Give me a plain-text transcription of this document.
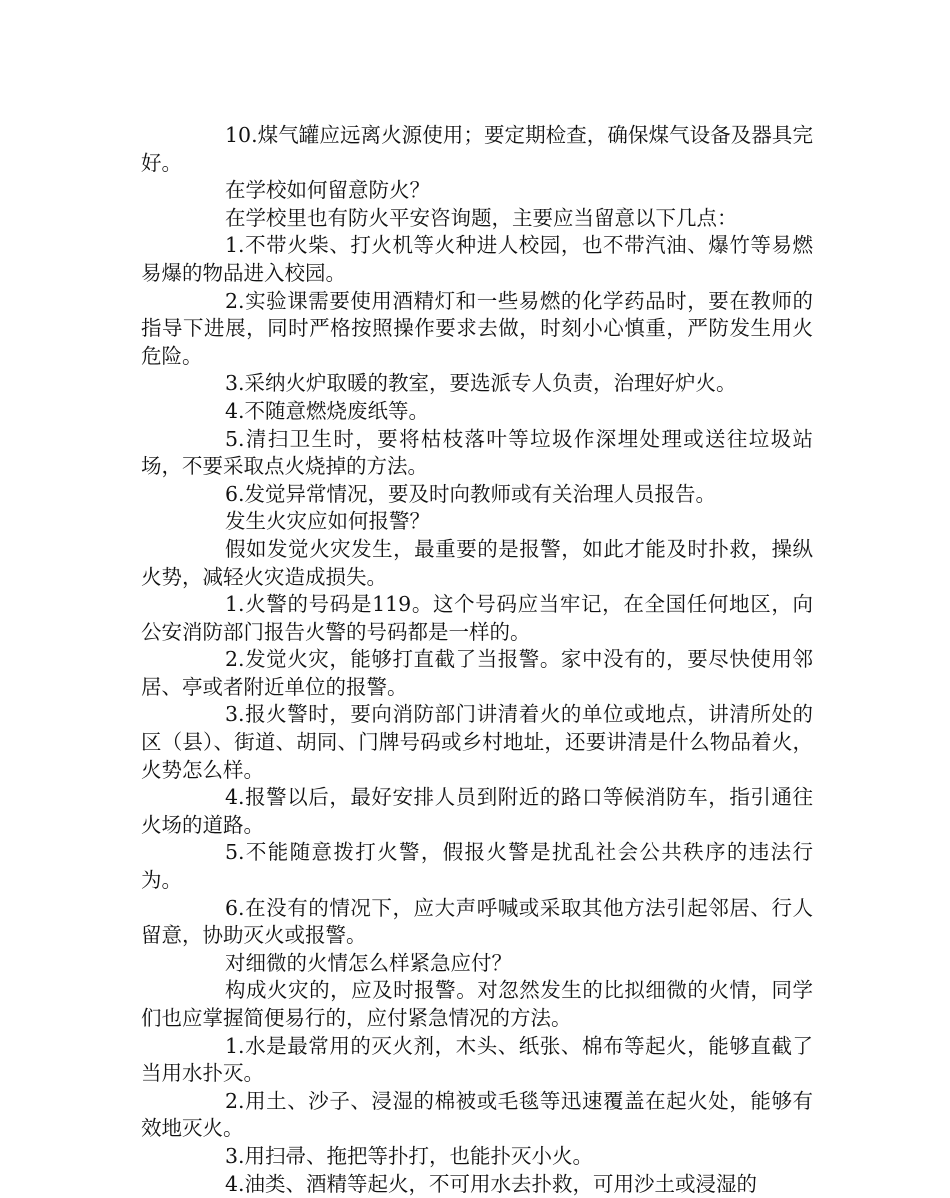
10.煤气罐应远离火源使用；要定期检查，确保煤气设备及器具完好。

在学校如何留意防火？

在学校里也有防火平安咨询题，主要应当留意以下几点：

1.不带火柴、打火机等火种进人校园，也不带汽油、爆竹等易燃易爆的物品进入校园。

2.实验课需要使用酒精灯和一些易燃的化学药品时，要在教师的指导下进展，同时严格按照操作要求去做，时刻小心慎重，严防发生用火危险。

3.采纳火炉取暖的教室，要选派专人负责，治理好炉火。

4.不随意燃烧废纸等。

5.清扫卫生时，要将枯枝落叶等垃圾作深埋处理或送往垃圾站场，不要采取点火烧掉的方法。

6.发觉异常情况，要及时向教师或有关治理人员报告。

发生火灾应如何报警？

假如发觉火灾发生，最重要的是报警，如此才能及时扑救，操纵火势，减轻火灾造成损失。

1.火警的号码是119。这个号码应当牢记，在全国任何地区，向公安消防部门报告火警的号码都是一样的。

2.发觉火灾，能够打直截了当报警。家中没有的，要尽快使用邻居、亭或者附近单位的报警。

3.报火警时，要向消防部门讲清着火的单位或地点，讲清所处的区（县）、街道、胡同、门牌号码或乡村地址，还要讲清是什么物品着火，火势怎么样。

4.报警以后，最好安排人员到附近的路口等候消防车，指引通往火场的道路。

5.不能随意拨打火警，假报火警是扰乱社会公共秩序的违法行为。

6.在没有的情况下，应大声呼喊或采取其他方法引起邻居、行人留意，协助灭火或报警。

对细微的火情怎么样紧急应付？

构成火灾的，应及时报警。对忽然发生的比拟细微的火情，同学们也应掌握简便易行的，应付紧急情况的方法。

1.水是最常用的灭火剂，木头、纸张、棉布等起火，能够直截了当用水扑灭。

2.用土、沙子、浸湿的棉被或毛毯等迅速覆盖在起火处，能够有效地灭火。

3.用扫帚、拖把等扑打，也能扑灭小火。

4.油类、酒精等起火，不可用水去扑救，可用沙土或浸湿的
